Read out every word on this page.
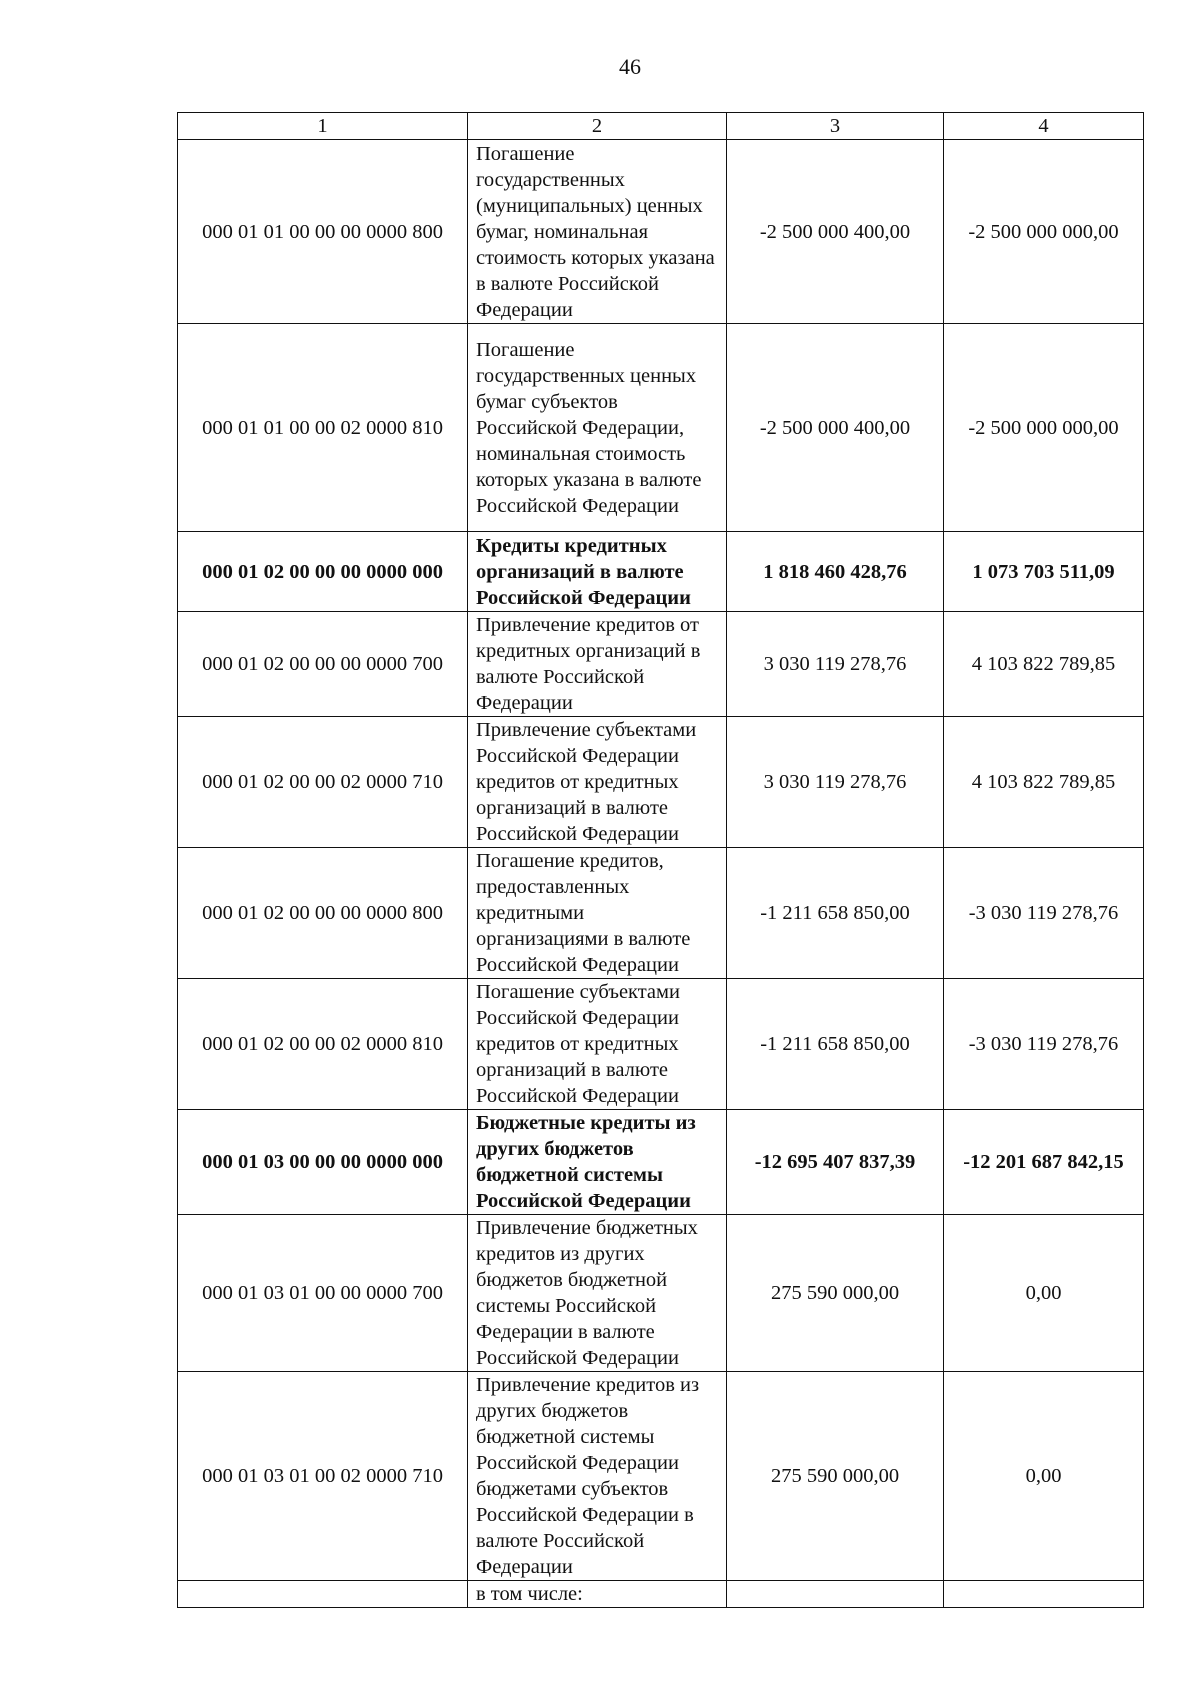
46
1	2	3	4
000 01 01 00 00 00 0000 800	Погашение государственных (муниципальных) ценных бумаг, номинальная стоимость которых указана в валюте Российской Федерации	-2 500 000 400,00	-2 500 000 000,00
000 01 01 00 00 02 0000 810	Погашение государственных ценных бумаг субъектов Российской Федерации, номинальная стоимость которых указана в валюте Российской Федерации	-2 500 000 400,00	-2 500 000 000,00
000 01 02 00 00 00 0000 000	Кредиты кредитных организаций в валюте Российской Федерации	1 818 460 428,76	1 073 703 511,09
000 01 02 00 00 00 0000 700	Привлечение кредитов от кредитных организаций в валюте Российской Федерации	3 030 119 278,76	4 103 822 789,85
000 01 02 00 00 02 0000 710	Привлечение субъектами Российской Федерации кредитов от кредитных организаций в валюте Российской Федерации	3 030 119 278,76	4 103 822 789,85
000 01 02 00 00 00 0000 800	Погашение кредитов, предоставленных кредитными организациями в валюте Российской Федерации	-1 211 658 850,00	-3 030 119 278,76
000 01 02 00 00 02 0000 810	Погашение субъектами Российской Федерации кредитов от кредитных организаций в валюте Российской Федерации	-1 211 658 850,00	-3 030 119 278,76
000 01 03 00 00 00 0000 000	Бюджетные кредиты из других бюджетов бюджетной системы Российской Федерации	-12 695 407 837,39	-12 201 687 842,15
000 01 03 01 00 00 0000 700	Привлечение бюджетных кредитов из других бюджетов бюджетной системы Российской Федерации в валюте Российской Федерации	275 590 000,00	0,00
000 01 03 01 00 02 0000 710	Привлечение кредитов из других бюджетов бюджетной системы Российской Федерации бюджетами субъектов Российской Федерации в валюте Российской Федерации	275 590 000,00	0,00
	в том числе:		
